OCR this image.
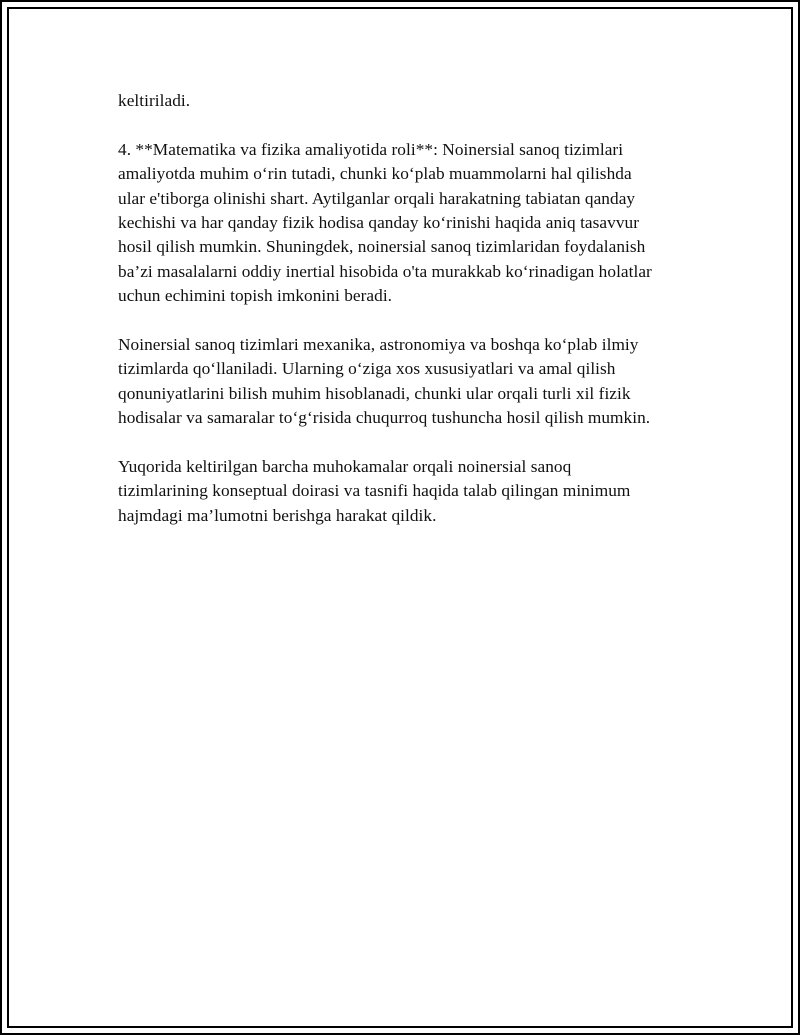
keltiriladi.

4. **Matematika va fizika amaliyotida roli**: Noinersial sanoq tizimlari
amaliyotda muhim o‘rin tutadi, chunki ko‘plab muammolarni hal qilishda
ular e'tiborga olinishi shart. Aytilganlar orqali harakatning tabiatan qanday
kechishi va har qanday fizik hodisa qanday ko‘rinishi haqida aniq tasavvur
hosil qilish mumkin. Shuningdek, noinersial sanoq tizimlaridan foydalanish
ba’zi masalalarni oddiy inertial hisobida o'ta murakkab ko‘rinadigan holatlar
uchun echimini topish imkonini beradi.

Noinersial sanoq tizimlari mexanika, astronomiya va boshqa ko‘plab ilmiy
tizimlarda qo‘llaniladi. Ularning o‘ziga xos xususiyatlari va amal qilish
qonuniyatlarini bilish muhim hisoblanadi, chunki ular orqali turli xil fizik
hodisalar va samaralar to‘g‘risida chuqurroq tushuncha hosil qilish mumkin.

Yuqorida keltirilgan barcha muhokamalar orqali noinersial sanoq
tizimlarining konseptual doirasi va tasnifi haqida talab qilingan minimum
hajmdagi ma’lumotni berishga harakat qildik.
